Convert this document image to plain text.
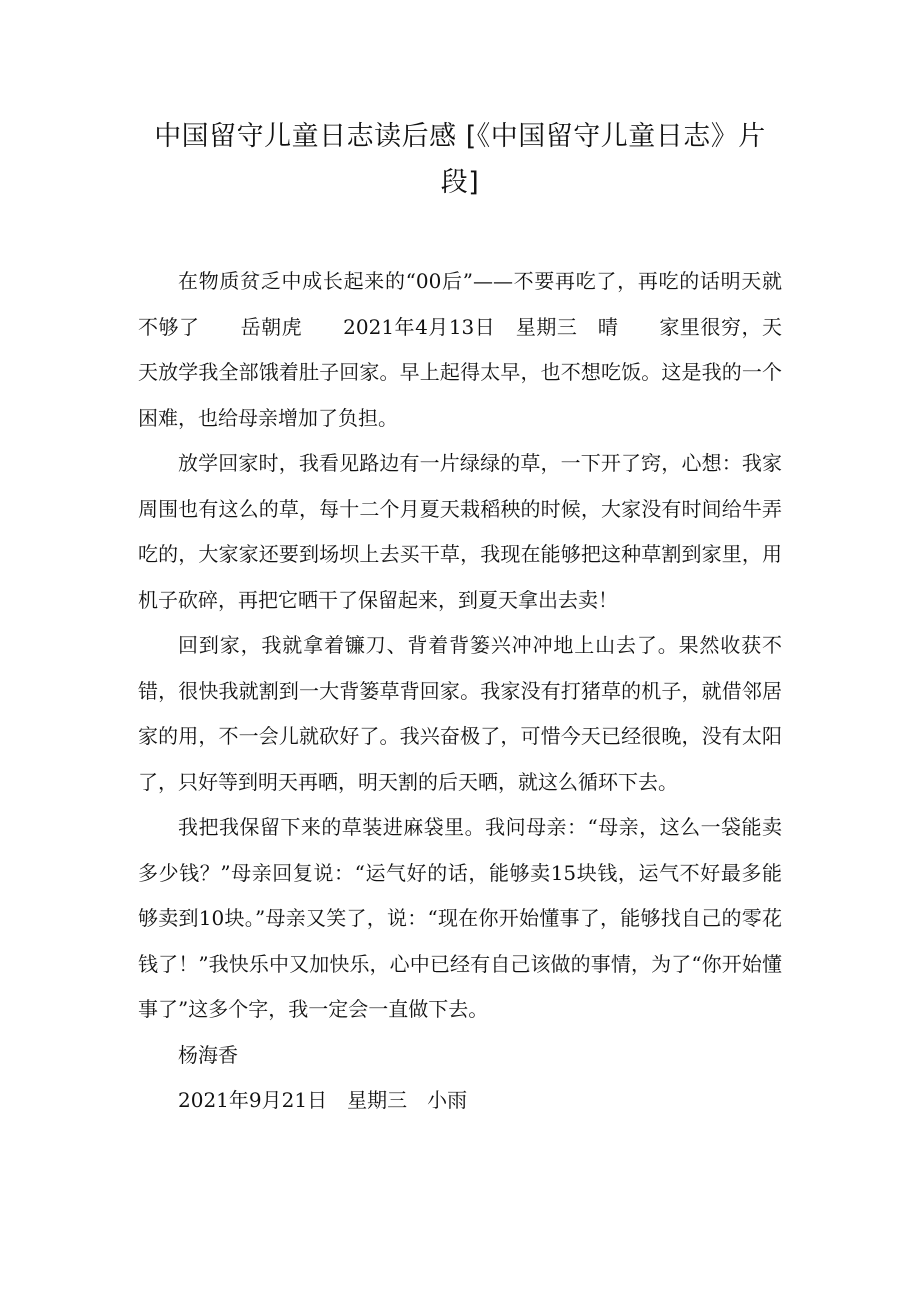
中国留守儿童日志读后感 [《中国留守儿童日志》片段]

在物质贫乏中成长起来的“00后”——不要再吃了，再吃的话明天就不够了　　岳朝虎　　2021年4月13日　星期三　晴　　家里很穷，天天放学我全部饿着肚子回家。早上起得太早，也不想吃饭。这是我的一个困难，也给母亲增加了负担。

放学回家时，我看见路边有一片绿绿的草，一下开了窍，心想：我家周围也有这么的草，每十二个月夏天栽稻秧的时候，大家没有时间给牛弄吃的，大家家还要到场坝上去买干草，我现在能够把这种草割到家里，用机子砍碎，再把它晒干了保留起来，到夏天拿出去卖！

回到家，我就拿着镰刀、背着背篓兴冲冲地上山去了。果然收获不错，很快我就割到一大背篓草背回家。我家没有打猪草的机子，就借邻居家的用，不一会儿就砍好了。我兴奋极了，可惜今天已经很晚，没有太阳了，只好等到明天再晒，明天割的后天晒，就这么循环下去。

我把我保留下来的草装进麻袋里。我问母亲：“母亲，这么一袋能卖多少钱？”母亲回复说：“运气好的话，能够卖15块钱，运气不好最多能够卖到10块。”母亲又笑了，说：“现在你开始懂事了，能够找自己的零花钱了！”我快乐中又加快乐，心中已经有自己该做的事情，为了“你开始懂事了”这多个字，我一定会一直做下去。

杨海香

2021年9月21日　星期三　小雨
